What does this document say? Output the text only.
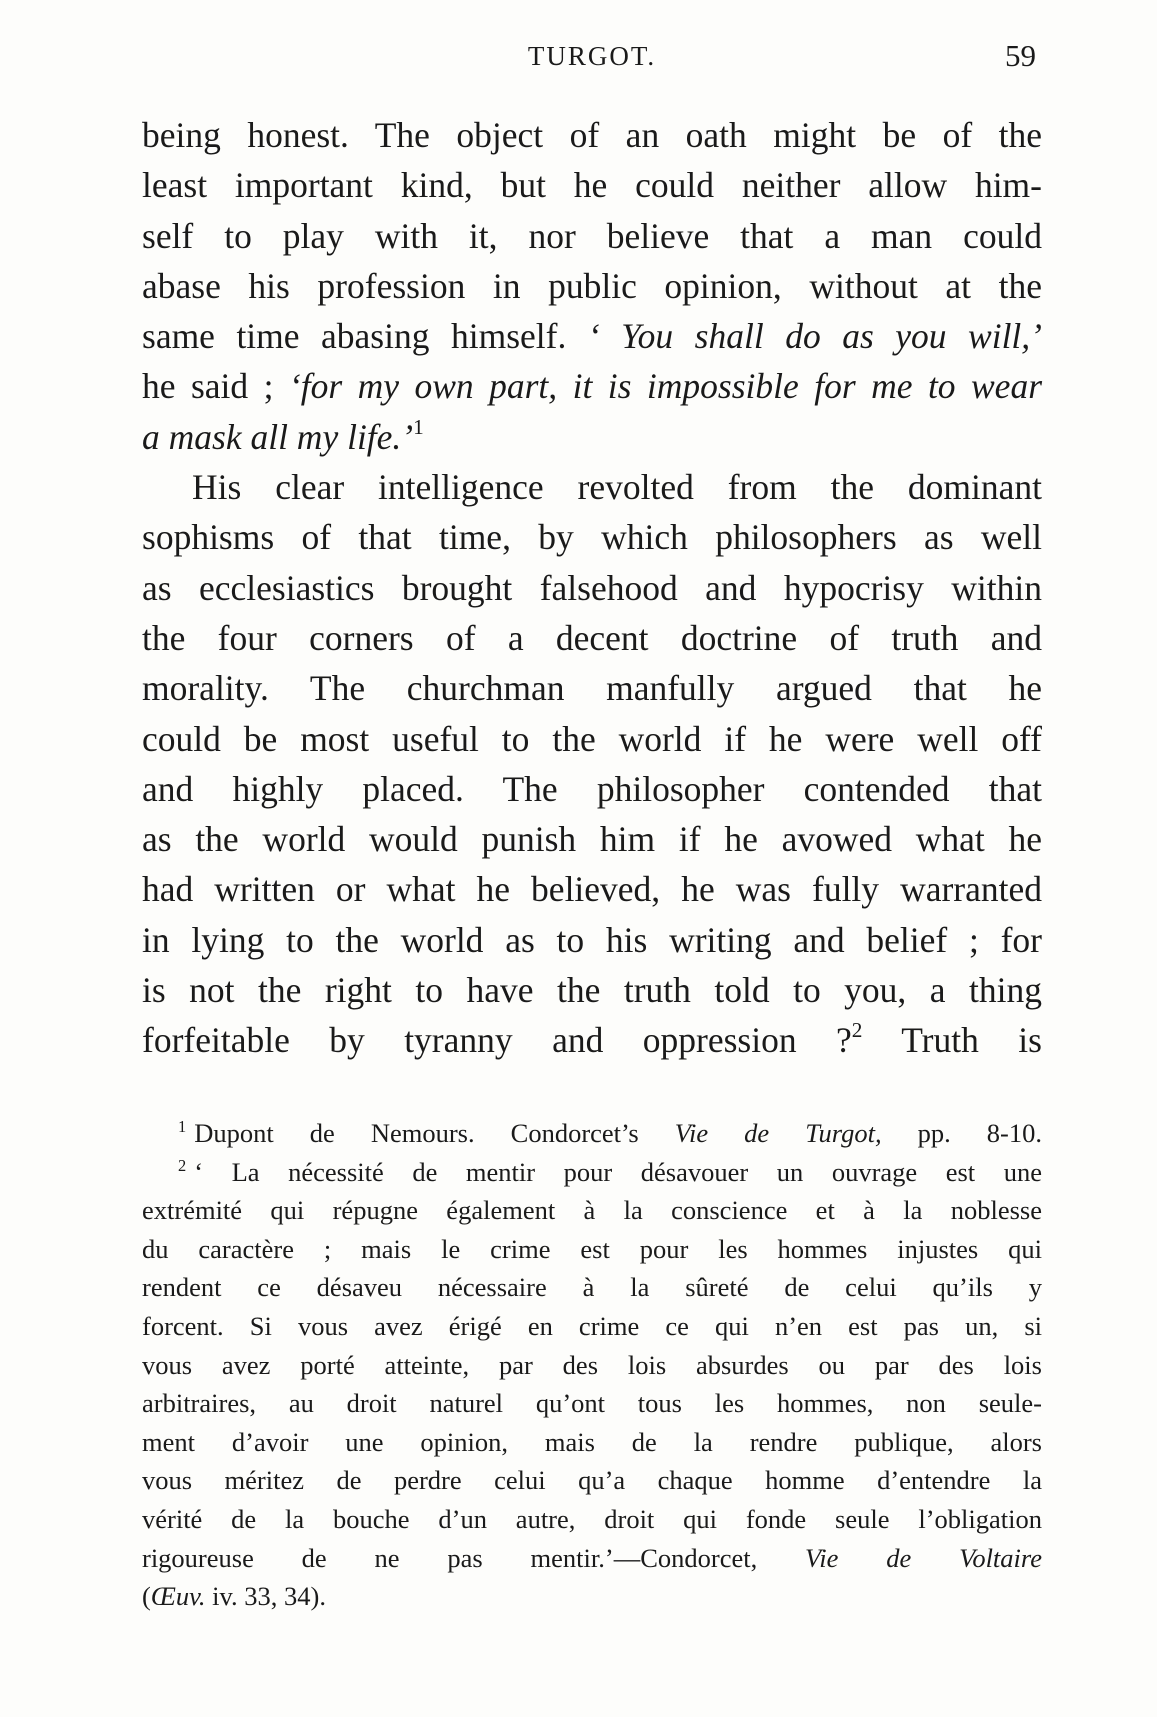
TURGOT.	59
being honest. The object of an oath might be of the
least important kind, but he could neither allow him-
self to play with it, nor believe that a man could
abase his profession in public opinion, without at the
same time abasing himself. ‘ You shall do as you will,’
he said ; ‘for my own part, it is impossible for me to wear
a mask all my life.’$^1$
His clear intelligence revolted from the dominant
sophisms of that time, by which philosophers as well
as ecclesiastics brought falsehood and hypocrisy within
the four corners of a decent doctrine of truth and
morality. The churchman manfully argued that he
could be most useful to the world if he were well off
and highly placed. The philosopher contended that
as the world would punish him if he avowed what he
had written or what he believed, he was fully warranted
in lying to the world as to his writing and belief ; for
is not the right to have the truth told to you, a thing
forfeitable by tyranny and oppression ?$^2$ Truth is
$^1$ Dupont de Nemours. Condorcet’s Vie de Turgot, pp. 8-10.
$^2$ ‘ La nécessité de mentir pour désavouer un ouvrage est une
extrémité qui répugne également à la conscience et à la noblesse
du caractère ; mais le crime est pour les hommes injustes qui
rendent ce désaveu nécessaire à la sûreté de celui qu’ils y
forcent. Si vous avez érigé en crime ce qui n’en est pas un, si
vous avez porté atteinte, par des lois absurdes ou par des lois
arbitraires, au droit naturel qu’ont tous les hommes, non seule-
ment d’avoir une opinion, mais de la rendre publique, alors
vous méritez de perdre celui qu’a chaque homme d’entendre la
vérité de la bouche d’un autre, droit qui fonde seule l’obligation
rigoureuse de ne pas mentir.’—Condorcet, Vie de Voltaire
(Œuv. iv. 33, 34).
